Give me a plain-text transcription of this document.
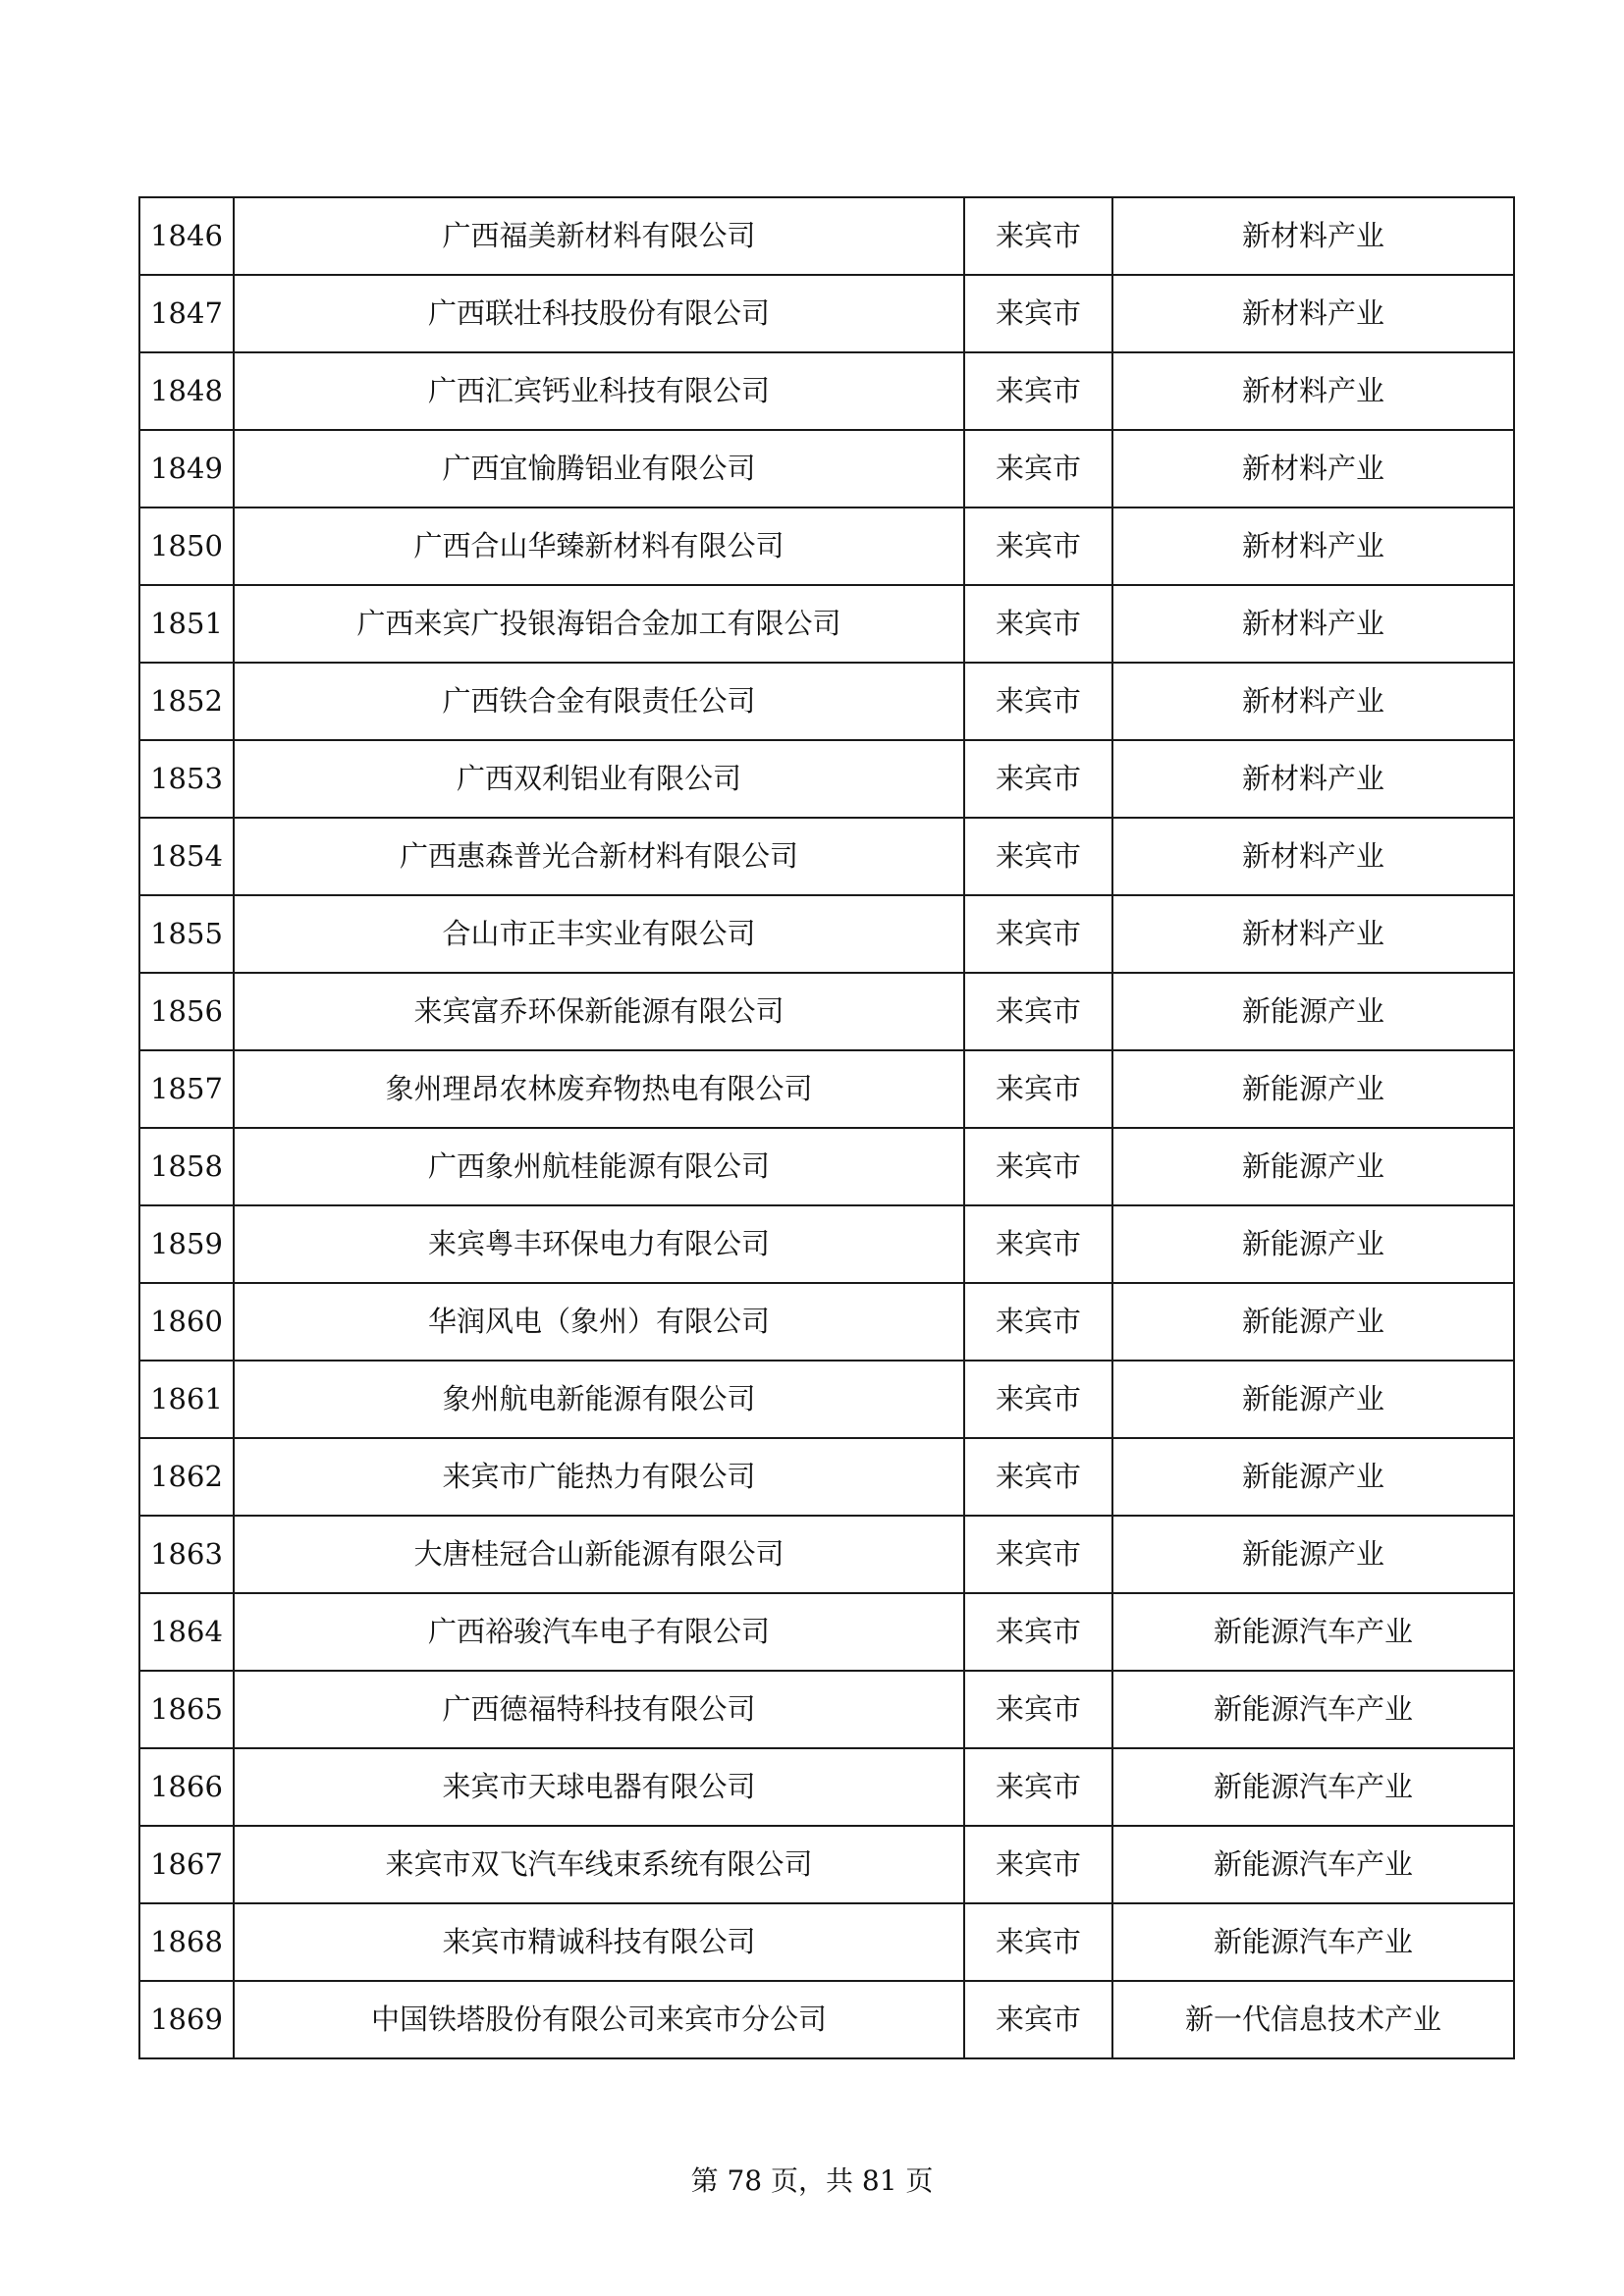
1846	广西福美新材料有限公司	来宾市	新材料产业
1847	广西联壮科技股份有限公司	来宾市	新材料产业
1848	广西汇宾钙业科技有限公司	来宾市	新材料产业
1849	广西宜愉腾铝业有限公司	来宾市	新材料产业
1850	广西合山华臻新材料有限公司	来宾市	新材料产业
1851	广西来宾广投银海铝合金加工有限公司	来宾市	新材料产业
1852	广西铁合金有限责任公司	来宾市	新材料产业
1853	广西双利铝业有限公司	来宾市	新材料产业
1854	广西惠森普光合新材料有限公司	来宾市	新材料产业
1855	合山市正丰实业有限公司	来宾市	新材料产业
1856	来宾富乔环保新能源有限公司	来宾市	新能源产业
1857	象州理昂农林废弃物热电有限公司	来宾市	新能源产业
1858	广西象州航桂能源有限公司	来宾市	新能源产业
1859	来宾粤丰环保电力有限公司	来宾市	新能源产业
1860	华润风电（象州）有限公司	来宾市	新能源产业
1861	象州航电新能源有限公司	来宾市	新能源产业
1862	来宾市广能热力有限公司	来宾市	新能源产业
1863	大唐桂冠合山新能源有限公司	来宾市	新能源产业
1864	广西裕骏汽车电子有限公司	来宾市	新能源汽车产业
1865	广西德福特科技有限公司	来宾市	新能源汽车产业
1866	来宾市天球电器有限公司	来宾市	新能源汽车产业
1867	来宾市双飞汽车线束系统有限公司	来宾市	新能源汽车产业
1868	来宾市精诚科技有限公司	来宾市	新能源汽车产业
1869	中国铁塔股份有限公司来宾市分公司	来宾市	新一代信息技术产业
第 78 页，共 81 页
